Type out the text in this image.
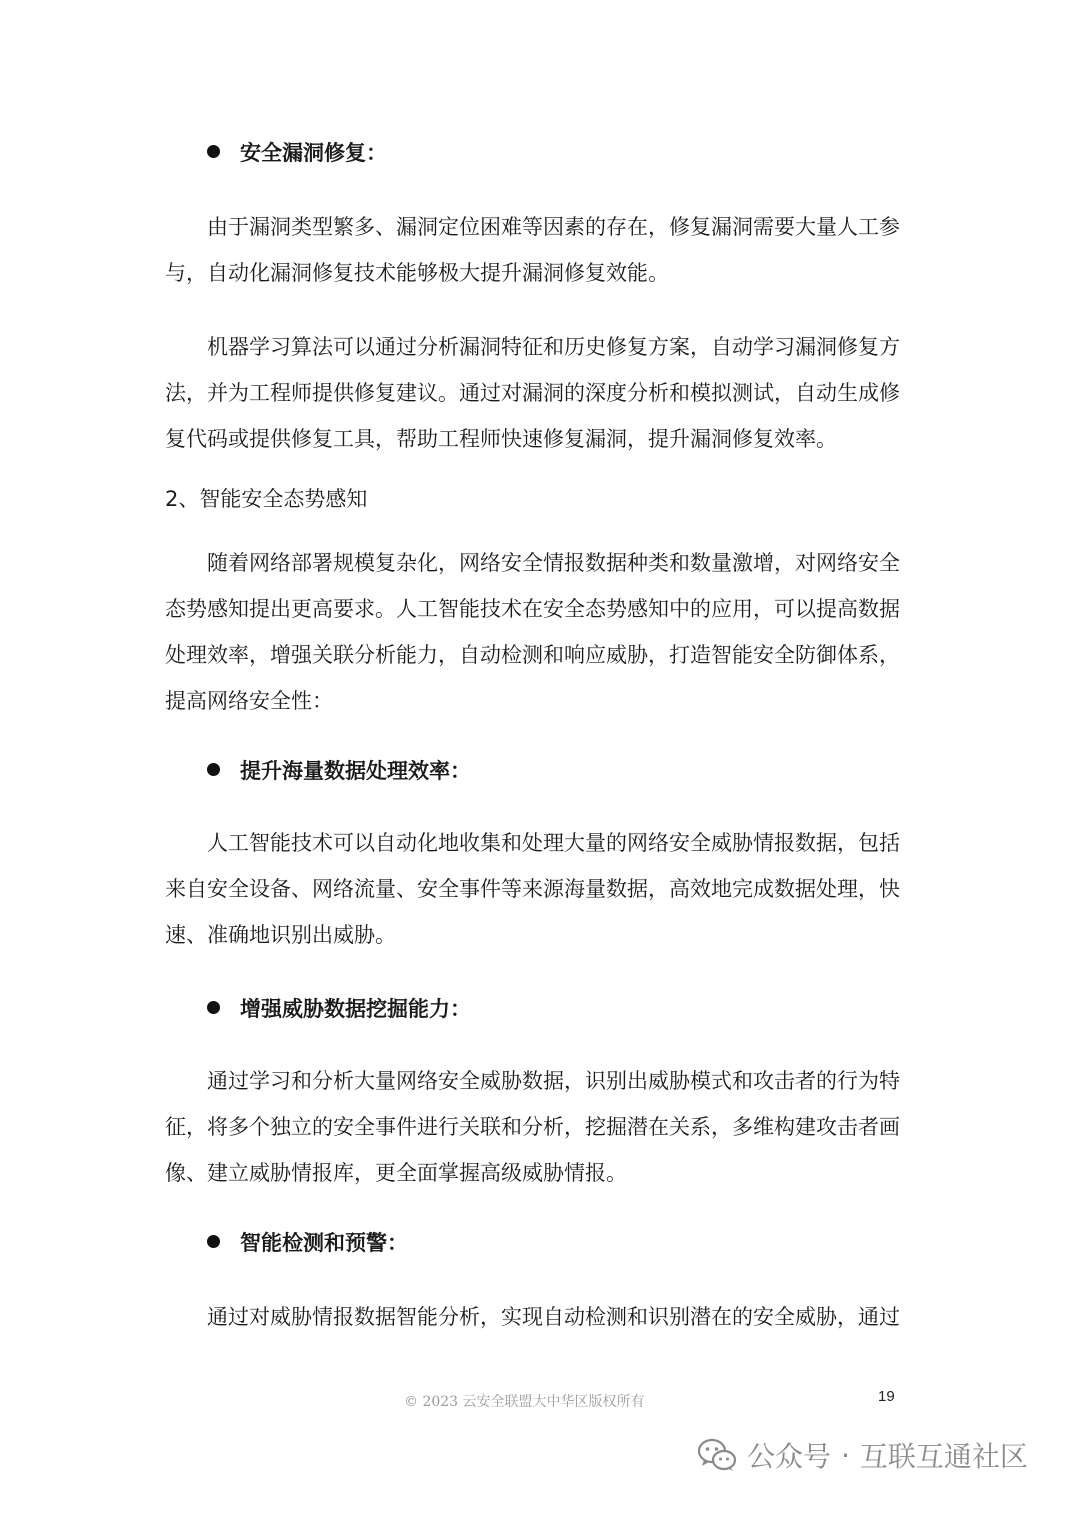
安全漏洞修复：
由于漏洞类型繁多、漏洞定位困难等因素的存在，修复漏洞需要大量人工参
与，自动化漏洞修复技术能够极大提升漏洞修复效能。
机器学习算法可以通过分析漏洞特征和历史修复方案，自动学习漏洞修复方
法，并为工程师提供修复建议。通过对漏洞的深度分析和模拟测试，自动生成修
复代码或提供修复工具，帮助工程师快速修复漏洞，提升漏洞修复效率。
2、智能安全态势感知
随着网络部署规模复杂化，网络安全情报数据种类和数量激增，对网络安全
态势感知提出更高要求。人工智能技术在安全态势感知中的应用，可以提高数据
处理效率，增强关联分析能力，自动检测和响应威胁，打造智能安全防御体系，
提高网络安全性：
提升海量数据处理效率：
人工智能技术可以自动化地收集和处理大量的网络安全威胁情报数据，包括
来自安全设备、网络流量、安全事件等来源海量数据，高效地完成数据处理，快
速、准确地识别出威胁。
增强威胁数据挖掘能力：
通过学习和分析大量网络安全威胁数据，识别出威胁模式和攻击者的行为特
征，将多个独立的安全事件进行关联和分析，挖掘潜在关系，多维构建攻击者画
像、建立威胁情报库，更全面掌握高级威胁情报。
智能检测和预警：
通过对威胁情报数据智能分析，实现自动检测和识别潜在的安全威胁，通过
© 2023 云安全联盟大中华区版权所有	19
公众号 · 互联互通社区
